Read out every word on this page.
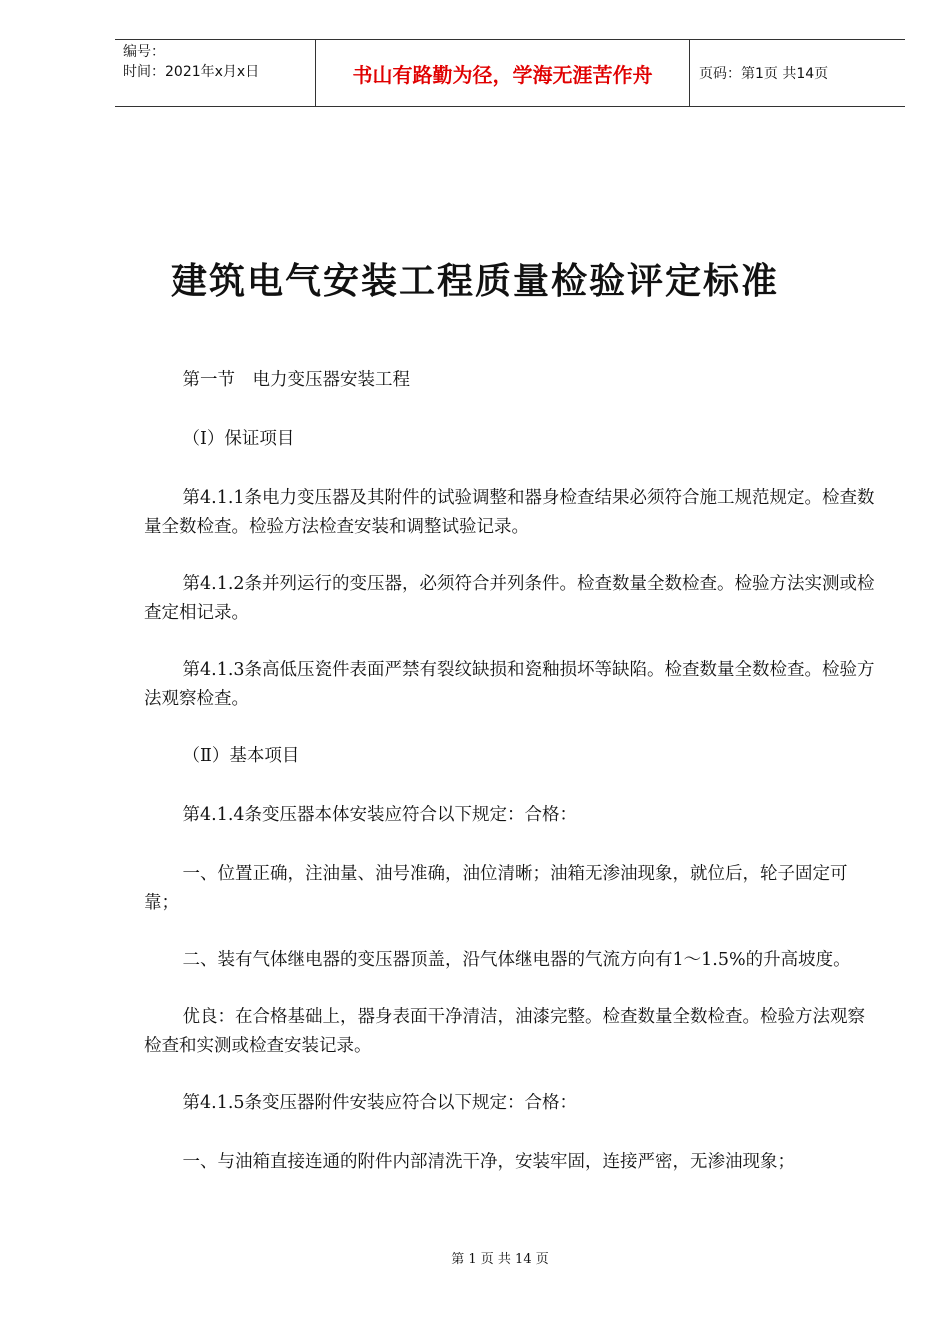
编号：
时间：2021年x月x日	书山有路勤为径，学海无涯苦作舟	页码：第1页 共14页
建筑电气安装工程质量检验评定标准

第一节　电力变压器安装工程

（Ⅰ）保证项目

第4.1.1条电力变压器及其附件的试验调整和器身检查结果必须符合施工规范规定。检查数量全数检查。检验方法检查安装和调整试验记录。

第4.1.2条并列运行的变压器，必须符合并列条件。检查数量全数检查。检验方法实测或检查定相记录。

第4.1.3条高低压瓷件表面严禁有裂纹缺损和瓷釉损坏等缺陷。检查数量全数检查。检验方法观察检查。

（Ⅱ）基本项目

第4.1.4条变压器本体安装应符合以下规定：合格：

一、位置正确，注油量、油号准确，油位清晰；油箱无渗油现象，就位后，轮子固定可靠；

二、装有气体继电器的变压器顶盖，沿气体继电器的气流方向有1～1.5%的升高坡度。

优良：在合格基础上，器身表面干净清洁，油漆完整。检查数量全数检查。检验方法观察检查和实测或检查安装记录。

第4.1.5条变压器附件安装应符合以下规定：合格：

一、与油箱直接连通的附件内部清洗干净，安装牢固，连接严密，无渗油现象；

第 1 页 共 14 页
